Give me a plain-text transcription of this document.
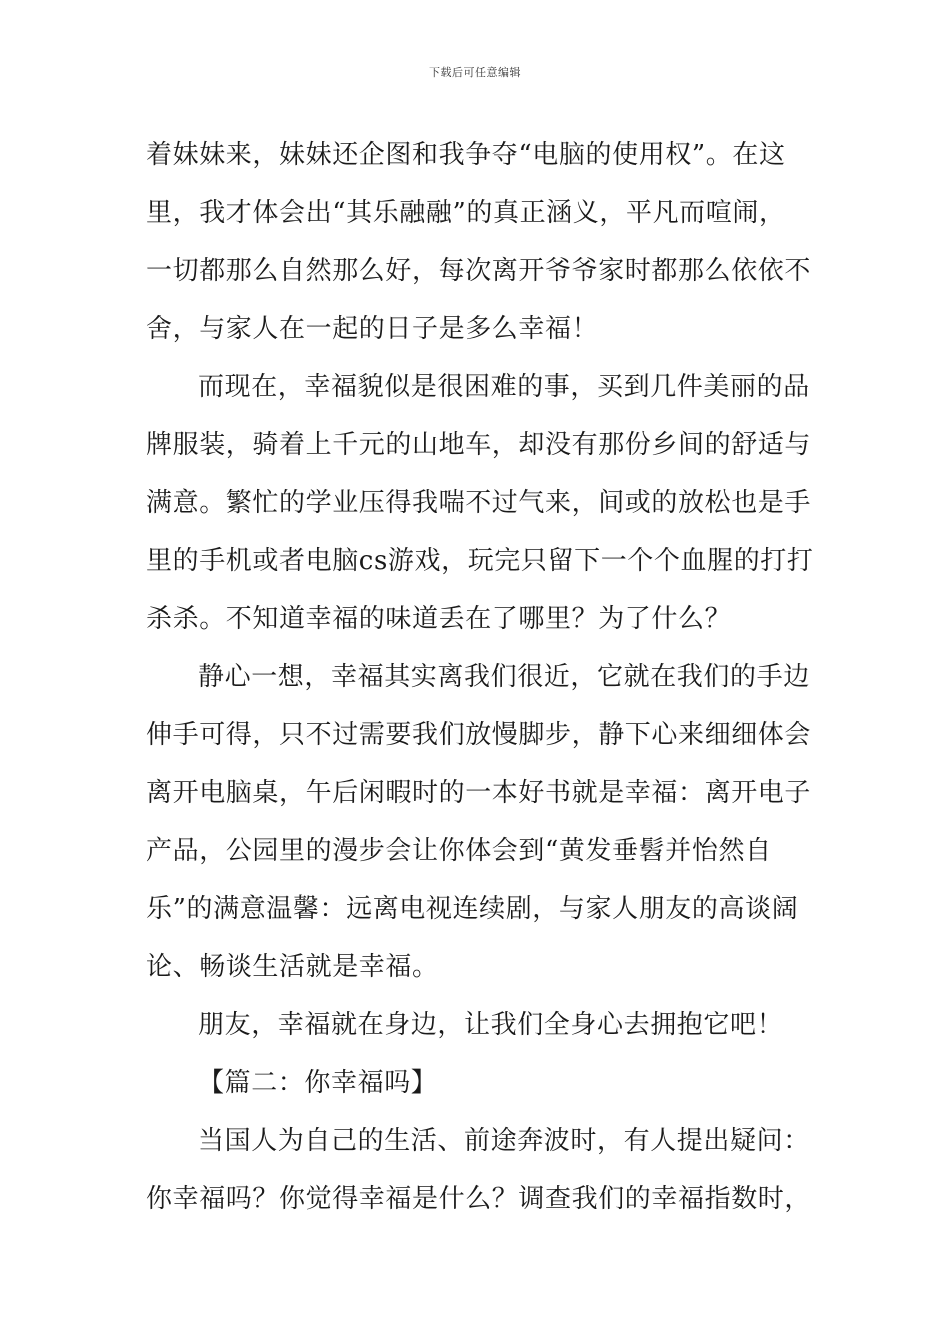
下载后可任意编辑
着妹妹来，妹妹还企图和我争夺“电脑的使用权”。在这
里，我才体会出“其乐融融”的真正涵义，平凡而喧闹，
一切都那么自然那么好，每次离开爷爷家时都那么依依不
舍，与家人在一起的日子是多么幸福！
而现在，幸福貌似是很困难的事，买到几件美丽的品
牌服装，骑着上千元的山地车，却没有那份乡间的舒适与
满意。繁忙的学业压得我喘不过气来，间或的放松也是手
里的手机或者电脑cs游戏，玩完只留下一个个血腥的打打
杀杀。不知道幸福的味道丢在了哪里？为了什么？
静心一想，幸福其实离我们很近，它就在我们的手边
伸手可得，只不过需要我们放慢脚步，静下心来细细体会
离开电脑桌，午后闲暇时的一本好书就是幸福：离开电子
产品，公园里的漫步会让你体会到“黄发垂髫并怡然自
乐”的满意温馨：远离电视连续剧，与家人朋友的高谈阔
论、畅谈生活就是幸福。
朋友，幸福就在身边，让我们全身心去拥抱它吧！
【篇二：你幸福吗】
当国人为自己的生活、前途奔波时，有人提出疑问：
你幸福吗？你觉得幸福是什么？调查我们的幸福指数时，
